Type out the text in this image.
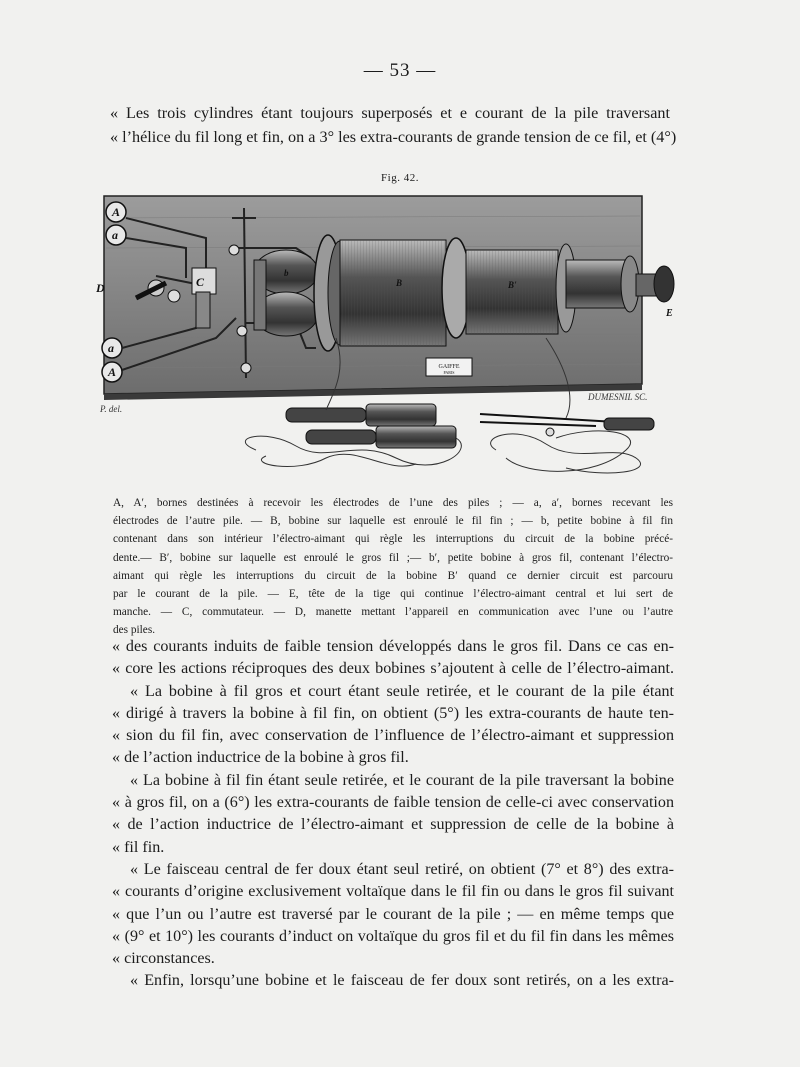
— 53 —
« Les trois cylindres étant toujours superposés et e courant de la pile traversant
« l’hélice du fil long et fin, on a 3° les extra-courants de grande tension de ce fil, et (4°)
Fig. 42.
GAIFFE
PARIS
A
a
D	C
b
B	B'
E
a
A
P. del.
DUMESNIL SC.
A, A′, bornes destinées à recevoir les électrodes de l’une des piles ; — a, a′, bornes recevant les
électrodes de l’autre pile. — B, bobine sur laquelle est enroulé le fil fin ; — b, petite bobine à fil fin
contenant dans son intérieur l’électro-aimant qui règle les interruptions du circuit de la bobine précé-
dente.— B′, bobine sur laquelle est enroulé le gros fil ;— b′, petite bobine à gros fil, contenant l’électro-
aimant qui règle les interruptions du circuit de la bobine B′ quand ce dernier circuit est parcouru
par le courant de la pile. — E, tête de la tige qui continue l’électro-aimant central et lui sert de
manche. — C, commutateur. — D, manette mettant l’appareil en communication avec l’une ou l’autre
des piles.
« des courants induits de faible tension développés dans le gros fil. Dans ce cas en-
« core les actions réciproques des deux bobines s’ajoutent à celle de l’électro-aimant.
« La bobine à fil gros et court étant seule retirée, et le courant de la pile étant
« dirigé à travers la bobine à fil fin, on obtient (5°) les extra-courants de haute ten-
« sion du fil fin, avec conservation de l’influence de l’électro-aimant et suppression
« de l’action inductrice de la bobine à gros fil.
« La bobine à fil fin étant seule retirée, et le courant de la pile traversant la bobine
« à gros fil, on a (6°) les extra-courants de faible tension de celle-ci avec conservation
« de l’action inductrice de l’électro-aimant et suppression de celle de la bobine à
« fil fin.
« Le faisceau central de fer doux étant seul retiré, on obtient (7° et 8°) des extra-
« courants d’origine exclusivement voltaïque dans le fil fin ou dans le gros fil suivant
« que l’un ou l’autre est traversé par le courant de la pile ; — en même temps que
« (9° et 10°) les courants d’induct on voltaïque du gros fil et du fil fin dans les mêmes
« circonstances.
« Enfin, lorsqu’une bobine et le faisceau de fer doux sont retirés, on a les extra-
